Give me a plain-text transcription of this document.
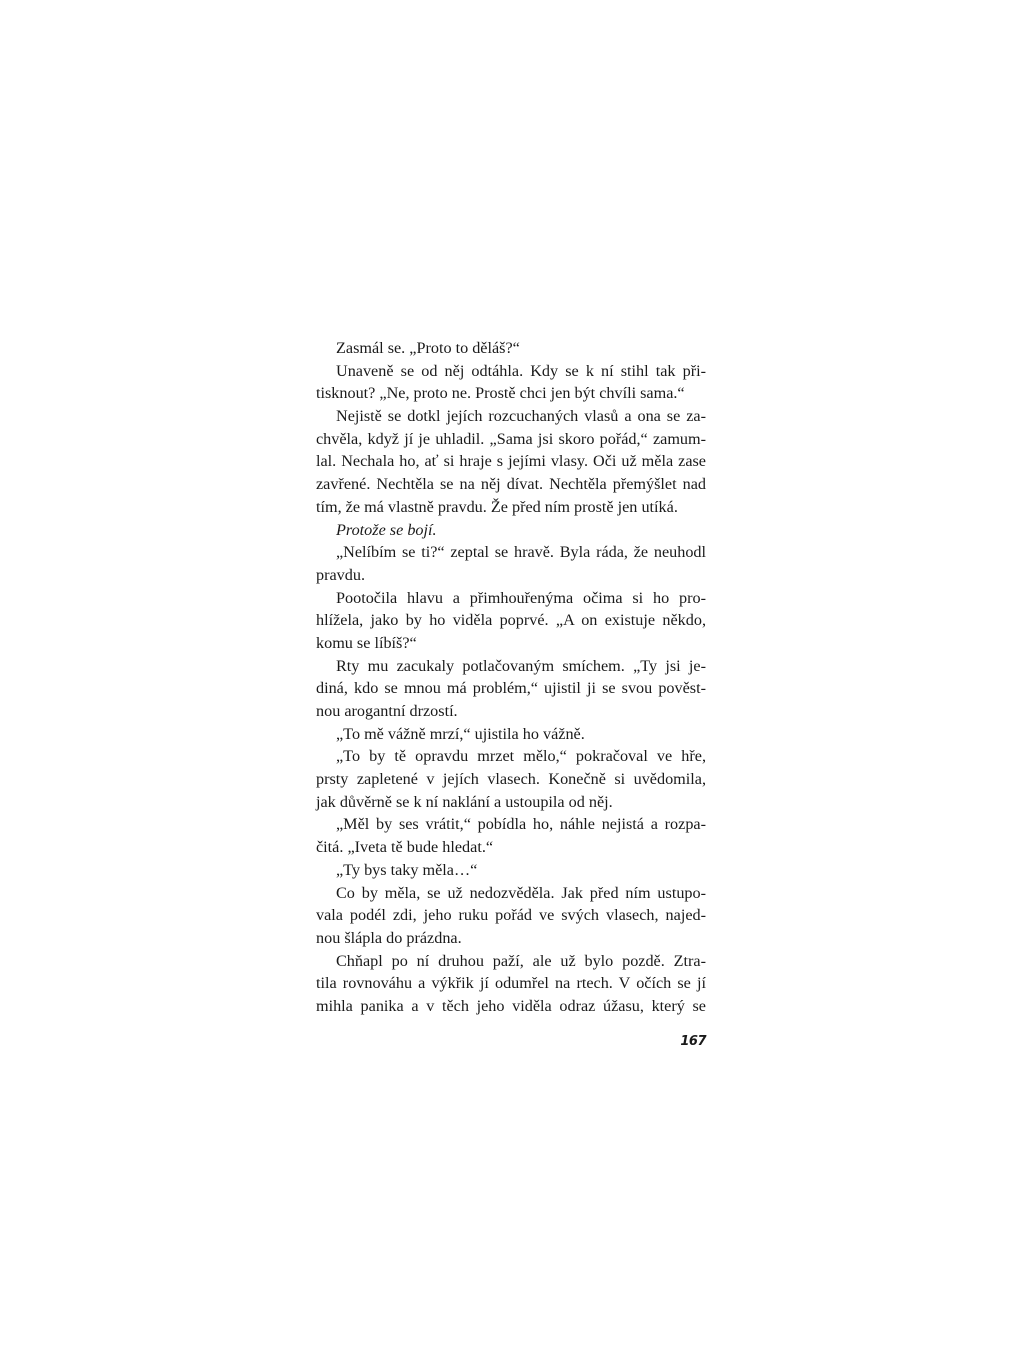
Zasmál se. „Proto to děláš?“
Unaveně se od něj odtáhla. Kdy se k ní stihl tak při-
tisknout? „Ne, proto ne. Prostě chci jen být chvíli sama.“
Nejistě se dotkl jejích rozcuchaných vlasů a ona se za-
chvěla, když jí je uhladil. „Sama jsi skoro pořád,“ zamum-
lal. Nechala ho, ať si hraje s jejími vlasy. Oči už měla zase
zavřené. Nechtěla se na něj dívat. Nechtěla přemýšlet nad
tím, že má vlastně pravdu. Že před ním prostě jen utíká.
Protože se bojí.
„Nelíbím se ti?“ zeptal se hravě. Byla ráda, že neuhodl
pravdu.
Pootočila hlavu a přimhouřenýma očima si ho pro-
hlížela, jako by ho viděla poprvé. „A on existuje někdo,
komu se líbíš?“
Rty mu zacukaly potlačovaným smíchem. „Ty jsi je-
diná, kdo se mnou má problém,“ ujistil ji se svou pověst-
nou arogantní drzostí.
„To mě vážně mrzí,“ ujistila ho vážně.
„To by tě opravdu mrzet mělo,“ pokračoval ve hře,
prsty zapletené v jejích vlasech. Konečně si uvědomila,
jak důvěrně se k ní naklání a ustoupila od něj.
„Měl by ses vrátit,“ pobídla ho, náhle nejistá a rozpa-
čitá. „Iveta tě bude hledat.“
„Ty bys taky měla…“
Co by měla, se už nedozvěděla. Jak před ním ustupo-
vala podél zdi, jeho ruku pořád ve svých vlasech, najed-
nou šlápla do prázdna.
Chňapl po ní druhou paží, ale už bylo pozdě. Ztra-
tila rovnováhu a výkřik jí odumřel na rtech. V očích se jí
mihla panika a v těch jeho viděla odraz úžasu, který se
167
